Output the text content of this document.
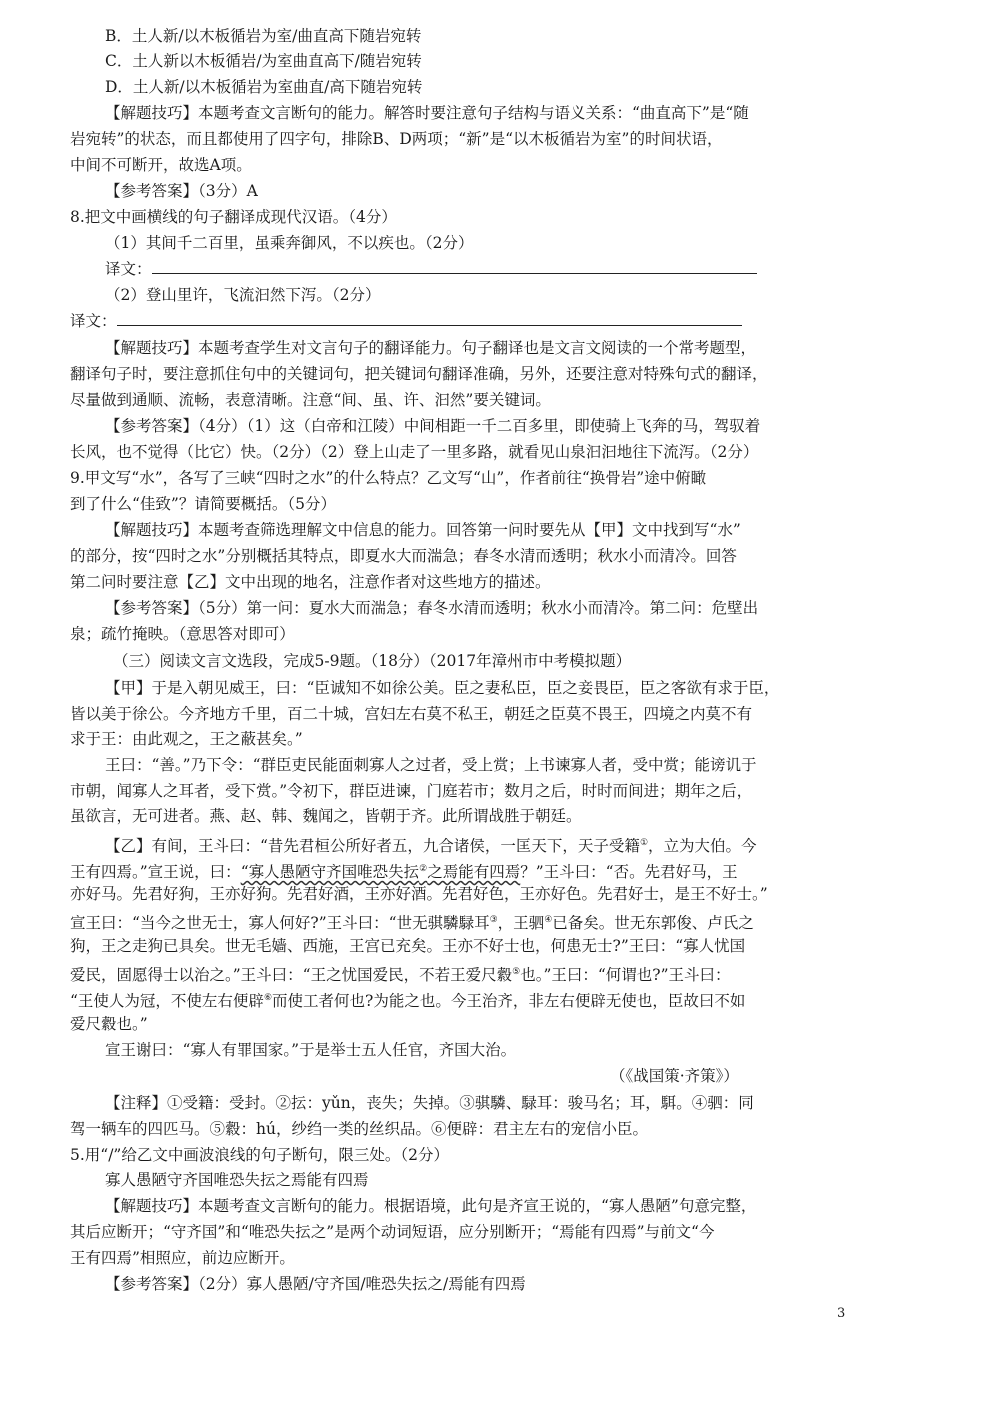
B．土人新/以木板循岩为室/曲直高下随岩宛转
C．土人新以木板循岩/为室曲直高下/随岩宛转
D．土人新/以木板循岩为室曲直/高下随岩宛转
【解题技巧】本题考查文言断句的能力。解答时要注意句子结构与语义关系：“曲直高下”是“随
岩宛转”的状态，而且都使用了四字句，排除B、D两项；“新”是“以木板循岩为室”的时间状语，
中间不可断开，故选A项。
【参考答案】（3分）A
8.把文中画横线的句子翻译成现代汉语。（4分）
（1）其间千二百里，虽乘奔御风，不以疾也。（2分）
译文：
（2）登山里许，飞流汩然下泻。（2分）
译文：
【解题技巧】本题考查学生对文言句子的翻译能力。句子翻译也是文言文阅读的一个常考题型，
翻译句子时，要注意抓住句中的关键词句，把关键词句翻译准确，另外，还要注意对特殊句式的翻译，
尽量做到通顺、流畅，表意清晰。注意“间、虽、许、汩然”要关键词。
【参考答案】（4分）（1）这（白帝和江陵）中间相距一千二百多里，即使骑上飞奔的马，驾驭着
长风，也不觉得（比它）快。（2分）（2）登上山走了一里多路，就看见山泉汩汩地往下流泻。（2分）
9.甲文写“水”，各写了三峡“四时之水”的什么特点？乙文写“山”，作者前往“换骨岩”途中俯瞰
到了什么“佳致”？请简要概括。（5分）
【解题技巧】本题考查筛选理解文中信息的能力。回答第一问时要先从【甲】文中找到写“水”
的部分，按“四时之水”分别概括其特点，即夏水大而湍急；春冬水清而透明；秋水小而清冷。回答
第二问时要注意【乙】文中出现的地名，注意作者对这些地方的描述。
【参考答案】（5分）第一问：夏水大而湍急；春冬水清而透明；秋水小而清冷。第二问：危壁出
泉；疏竹掩映。（意思答对即可）
（三）阅读文言文选段，完成5-9题。（18分）（2017年漳州市中考模拟题）
【甲】于是入朝见威王，曰：“臣诚知不如徐公美。臣之妻私臣，臣之妾畏臣，臣之客欲有求于臣，
皆以美于徐公。今齐地方千里，百二十城，宫妇左右莫不私王，朝廷之臣莫不畏王，四境之内莫不有
求于王：由此观之，王之蔽甚矣。”
王曰：“善。”乃下令：“群臣吏民能面刺寡人之过者，受上赏；上书谏寡人者，受中赏；能谤讥于
市朝，闻寡人之耳者，受下赏。”令初下，群臣进谏，门庭若市；数月之后，时时而间进；期年之后，
虽欲言，无可进者。燕、赵、韩、魏闻之，皆朝于齐。此所谓战胜于朝廷。
【乙】有间，王斗曰：“昔先君桓公所好者五，九合诸侯，一匡天下，天子受籍①，立为大伯。今
王有四焉。”宣王说，曰：“寡人愚陋守齐国唯恐失抎②之焉能有四焉？”王斗曰：“否。先君好马，王
亦好马。先君好狗，王亦好狗。先君好酒，王亦好酒。先君好色，王亦好色。先君好士，是王不好士。”
宣王曰：“当今之世无士，寡人何好?”王斗曰：“世无骐驎騄耳③，王驷④已备矣。世无东郭俊、卢氏之
狗，王之走狗已具矣。世无毛嫱、西施，王宫已充矣。王亦不好士也，何患无士?”王曰：“寡人忧国
爱民，固愿得士以治之。”王斗曰：“王之忧国爱民，不若王爱尺縠⑤也。”王曰：“何谓也?”王斗曰：
“王使人为冠，不使左右便辟⑥而使工者何也?为能之也。今王治齐，非左右便辟无使也，臣故曰不如
爱尺縠也。”
宣王谢曰：“寡人有罪国家。”于是举士五人任官，齐国大治。
（《战国策·齐策》）
【注释】①受籍：受封。②抎：yǔn，丧失；失掉。③骐驎、騄耳：骏马名；耳，駬。④驷：同
驾一辆车的四匹马。⑤縠：hú，纱绉一类的丝织品。⑥便辟：君主左右的宠信小臣。
5.用“/”给乙文中画波浪线的句子断句，限三处。（2分）
寡人愚陋守齐国唯恐失抎之焉能有四焉
【解题技巧】本题考查文言断句的能力。根据语境，此句是齐宣王说的，“寡人愚陋”句意完整，
其后应断开；“守齐国”和“唯恐失抎之”是两个动词短语，应分别断开；“焉能有四焉”与前文“今
王有四焉”相照应，前边应断开。
【参考答案】（2分）寡人愚陋/守齐国/唯恐失抎之/焉能有四焉
3
